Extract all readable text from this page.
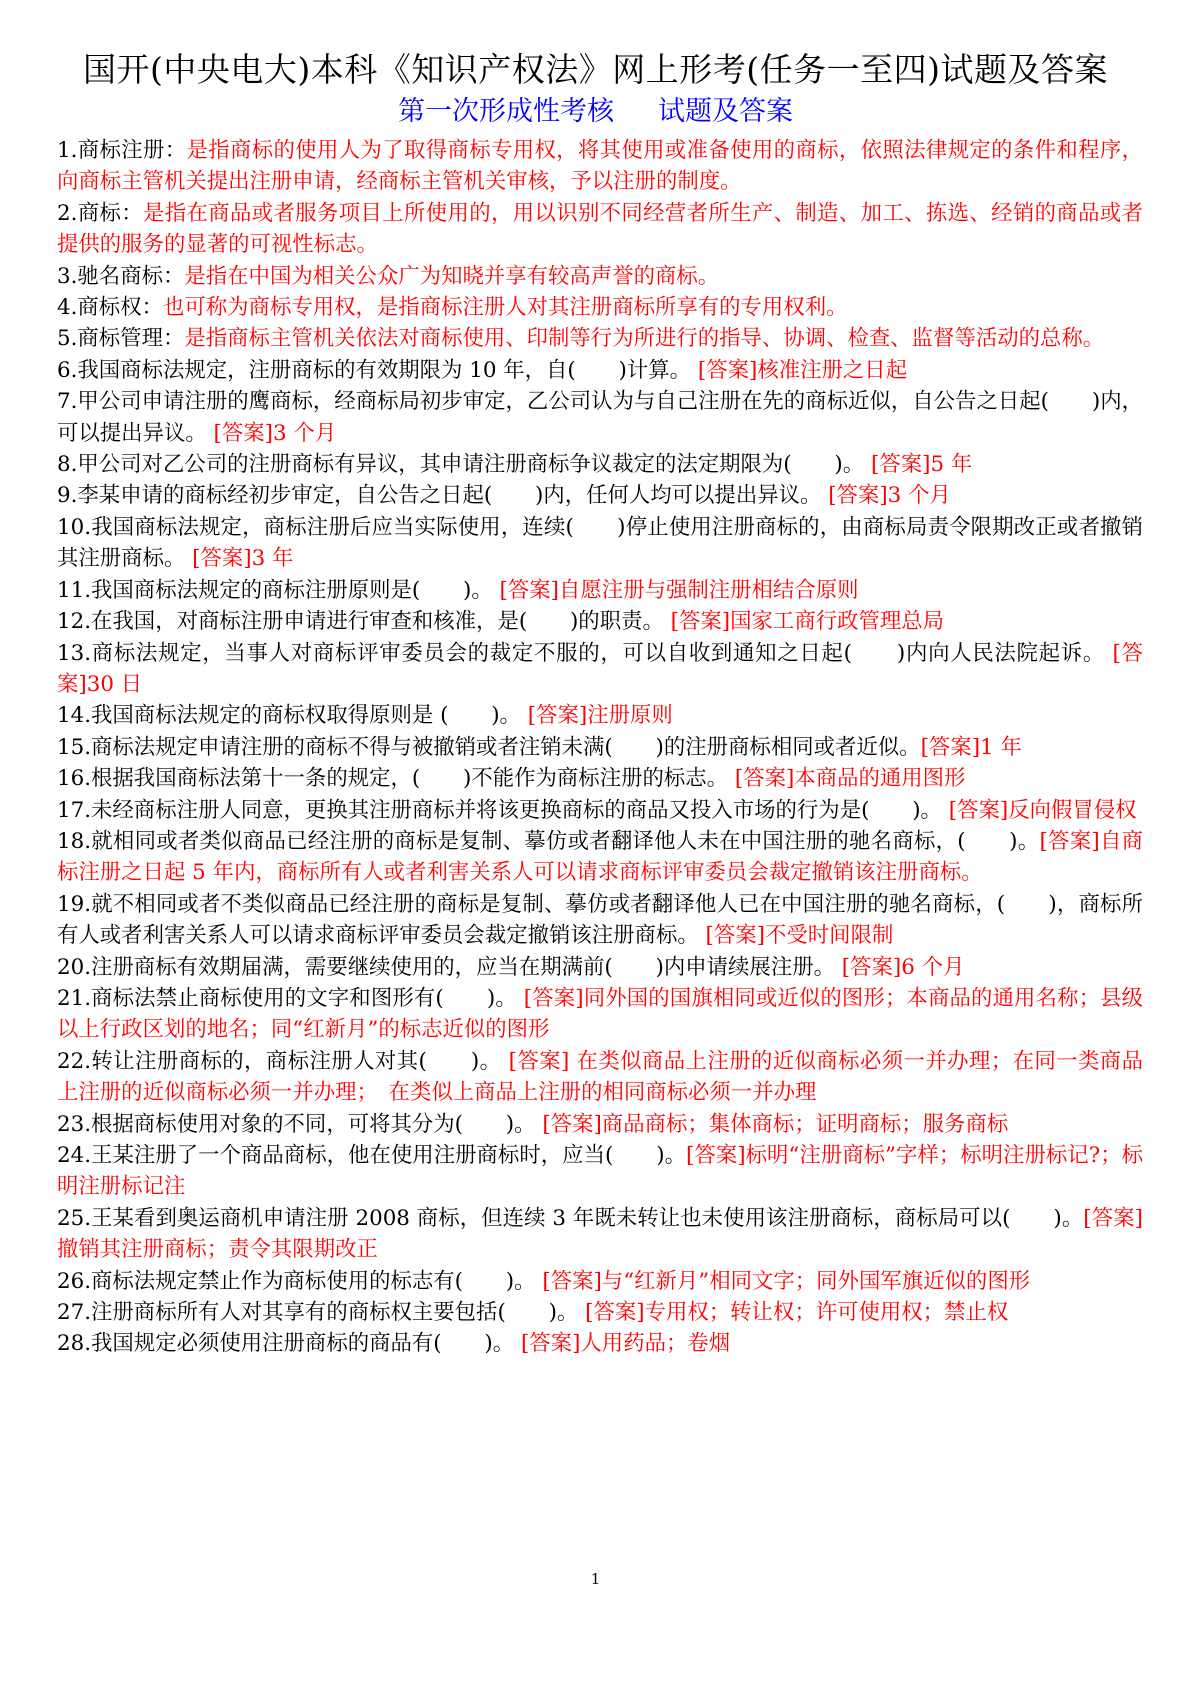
国开(中央电大)本科《知识产权法》网上形考(任务一至四)试题及答案
第一次形成性考核 试题及答案

1.商标注册：是指商标的使用人为了取得商标专用权，将其使用或准备使用的商标，依照法律规定的条件和程序，向商标主管机关提出注册申请，经商标主管机关审核，予以注册的制度。

2.商标：是指在商品或者服务项目上所使用的，用以识别不同经营者所生产、制造、加工、拣选、经销的商品或者提供的服务的显著的可视性标志。

3.驰名商标：是指在中国为相关公众广为知晓并享有较高声誉的商标。

4.商标权：也可称为商标专用权，是指商标注册人对其注册商标所享有的专用权利。

5.商标管理：是指商标主管机关依法对商标使用、印制等行为所进行的指导、协调、检查、监督等活动的总称。

6.我国商标法规定，注册商标的有效期限为 10 年，自(　　)计算。 [答案]核准注册之日起

7.甲公司申请注册的鹰商标，经商标局初步审定，乙公司认为与自己注册在先的商标近似，自公告之日起(　　)内，可以提出异议。 [答案]3 个月

8.甲公司对乙公司的注册商标有异议，其申请注册商标争议裁定的法定期限为(　　)。 [答案]5 年

9.李某申请的商标经初步审定，自公告之日起(　　)内，任何人均可以提出异议。 [答案]3 个月

10.我国商标法规定，商标注册后应当实际使用，连续(　　)停止使用注册商标的，由商标局责令限期改正或者撤销其注册商标。 [答案]3 年

11.我国商标法规定的商标注册原则是(　　)。 [答案]自愿注册与强制注册相结合原则

12.在我国，对商标注册申请进行审查和核准，是(　　)的职责。 [答案]国家工商行政管理总局

13.商标法规定，当事人对商标评审委员会的裁定不服的，可以自收到通知之日起(　　)内向人民法院起诉。 [答案]30 日

14.我国商标法规定的商标权取得原则是 (　　)。 [答案]注册原则

15.商标法规定申请注册的商标不得与被撤销或者注销未满(　　)的注册商标相同或者近似。[答案]1 年

16.根据我国商标法第十一条的规定，(　　)不能作为商标注册的标志。 [答案]本商品的通用图形

17.未经商标注册人同意，更换其注册商标并将该更换商标的商品又投入市场的行为是(　　)。 [答案]反向假冒侵权

18.就相同或者类似商品已经注册的商标是复制、摹仿或者翻译他人未在中国注册的驰名商标，(　　)。[答案]自商标注册之日起 5 年内，商标所有人或者利害关系人可以请求商标评审委员会裁定撤销该注册商标。

19.就不相同或者不类似商品已经注册的商标是复制、摹仿或者翻译他人已在中国注册的驰名商标，(　　)，商标所有人或者利害关系人可以请求商标评审委员会裁定撤销该注册商标。 [答案]不受时间限制

20.注册商标有效期届满，需要继续使用的，应当在期满前(　　)内申请续展注册。 [答案]6 个月

21.商标法禁止商标使用的文字和图形有(　　)。 [答案]同外国的国旗相同或近似的图形；本商品的通用名称；县级以上行政区划的地名；同“红新月”的标志近似的图形

22.转让注册商标的，商标注册人对其(　　)。 [答案] 在类似商品上注册的近似商标必须一并办理；在同一类商品上注册的近似商标必须一并办理；　在类似上商品上注册的相同商标必须一并办理

23.根据商标使用对象的不同，可将其分为(　　)。 [答案]商品商标；集体商标；证明商标；服务商标

24.王某注册了一个商品商标，他在使用注册商标时，应当(　　)。[答案]标明“注册商标”字样；标明注册标记?；标明注册标记注

25.王某看到奥运商机申请注册 2008 商标，但连续 3 年既未转让也未使用该注册商标，商标局可以(　　)。[答案]撤销其注册商标；责令其限期改正

26.商标法规定禁止作为商标使用的标志有(　　)。 [答案]与“红新月”相同文字；同外国军旗近似的图形

27.注册商标所有人对其享有的商标权主要包括(　　)。 [答案]专用权；转让权；许可使用权；禁止权

28.我国规定必须使用注册商标的商品有(　　)。 [答案]人用药品；卷烟

1
